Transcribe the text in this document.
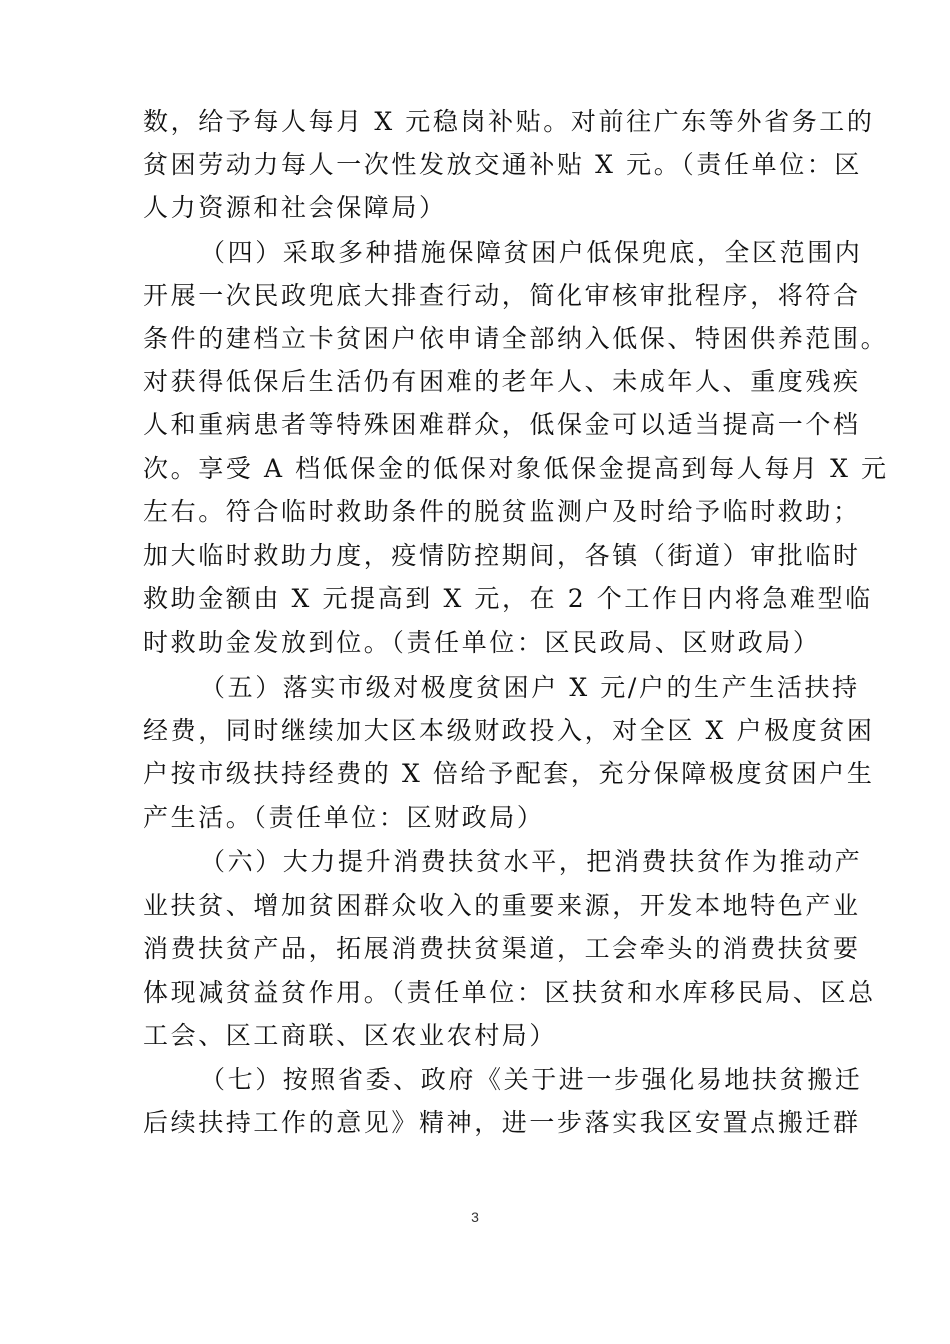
数，给予每人每月 X 元稳岗补贴。对前往广东等外省务工的
贫困劳动力每人一次性发放交通补贴 X 元。（责任单位：区
人力资源和社会保障局）
（四）采取多种措施保障贫困户低保兜底，全区范围内
开展一次民政兜底大排查行动，简化审核审批程序，将符合
条件的建档立卡贫困户依申请全部纳入低保、特困供养范围。
对获得低保后生活仍有困难的老年人、未成年人、重度残疾
人和重病患者等特殊困难群众，低保金可以适当提高一个档
次。享受 A 档低保金的低保对象低保金提高到每人每月 X 元
左右。符合临时救助条件的脱贫监测户及时给予临时救助；
加大临时救助力度，疫情防控期间，各镇（街道）审批临时
救助金额由 X 元提高到 X 元，在 2 个工作日内将急难型临
时救助金发放到位。（责任单位：区民政局、区财政局）
（五）落实市级对极度贫困户 X 元/户的生产生活扶持
经费，同时继续加大区本级财政投入，对全区 X 户极度贫困
户按市级扶持经费的 X 倍给予配套，充分保障极度贫困户生
产生活。（责任单位：区财政局）
（六）大力提升消费扶贫水平，把消费扶贫作为推动产
业扶贫、增加贫困群众收入的重要来源，开发本地特色产业
消费扶贫产品，拓展消费扶贫渠道，工会牵头的消费扶贫要
体现减贫益贫作用。（责任单位：区扶贫和水库移民局、区总
工会、区工商联、区农业农村局）
（七）按照省委、政府《关于进一步强化易地扶贫搬迁
后续扶持工作的意见》精神，进一步落实我区安置点搬迁群
3
